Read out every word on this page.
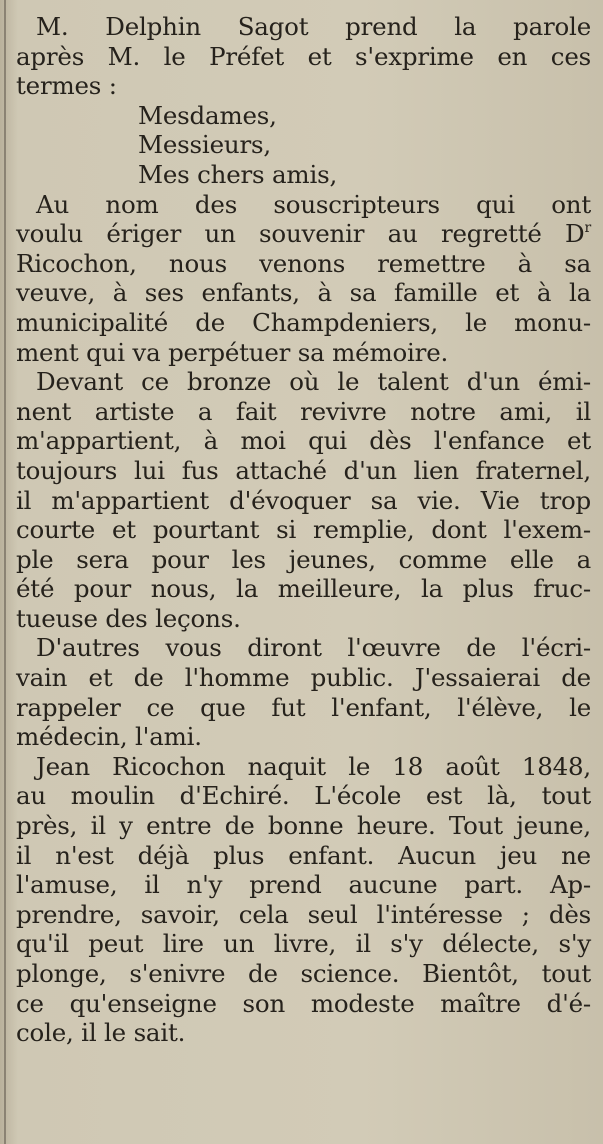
M. Delphin Sagot prend la parole
après M. le Préfet et s'exprime en ces
termes :

Mesdames,
Messieurs,
Mes chers amis,

Au nom des souscripteurs qui ont
voulu ériger un souvenir au regretté $D^r$
Ricochon, nous venons remettre à sa
veuve, à ses enfants, à sa famille et à la
municipalité de Champdeniers, le monu-
ment qui va perpétuer sa mémoire.

Devant ce bronze où le talent d'un émi-
nent artiste a fait revivre notre ami, il
m'appartient, à moi qui dès l'enfance et
toujours lui fus attaché d'un lien fraternel,
il m'appartient d'évoquer sa vie. Vie trop
courte et pourtant si remplie, dont l'exem-
ple sera pour les jeunes, comme elle a
été pour nous, la meilleure, la plus fruc-
tueuse des leçons.

D'autres vous diront l'œuvre de l'écri-
vain et de l'homme public. J'essaierai de
rappeler ce que fut l'enfant, l'élève, le
médecin, l'ami.

Jean Ricochon naquit le 18 août 1848,
au moulin d'Echiré. L'école est là, tout
près, il y entre de bonne heure. Tout jeune,
il n'est déjà plus enfant. Aucun jeu ne
l'amuse, il n'y prend aucune part. Ap-
prendre, savoir, cela seul l'intéresse ; dès
qu'il peut lire un livre, il s'y délecte, s'y
plonge, s'enivre de science. Bientôt, tout
ce qu'enseigne son modeste maître d'é-
cole, il le sait.
